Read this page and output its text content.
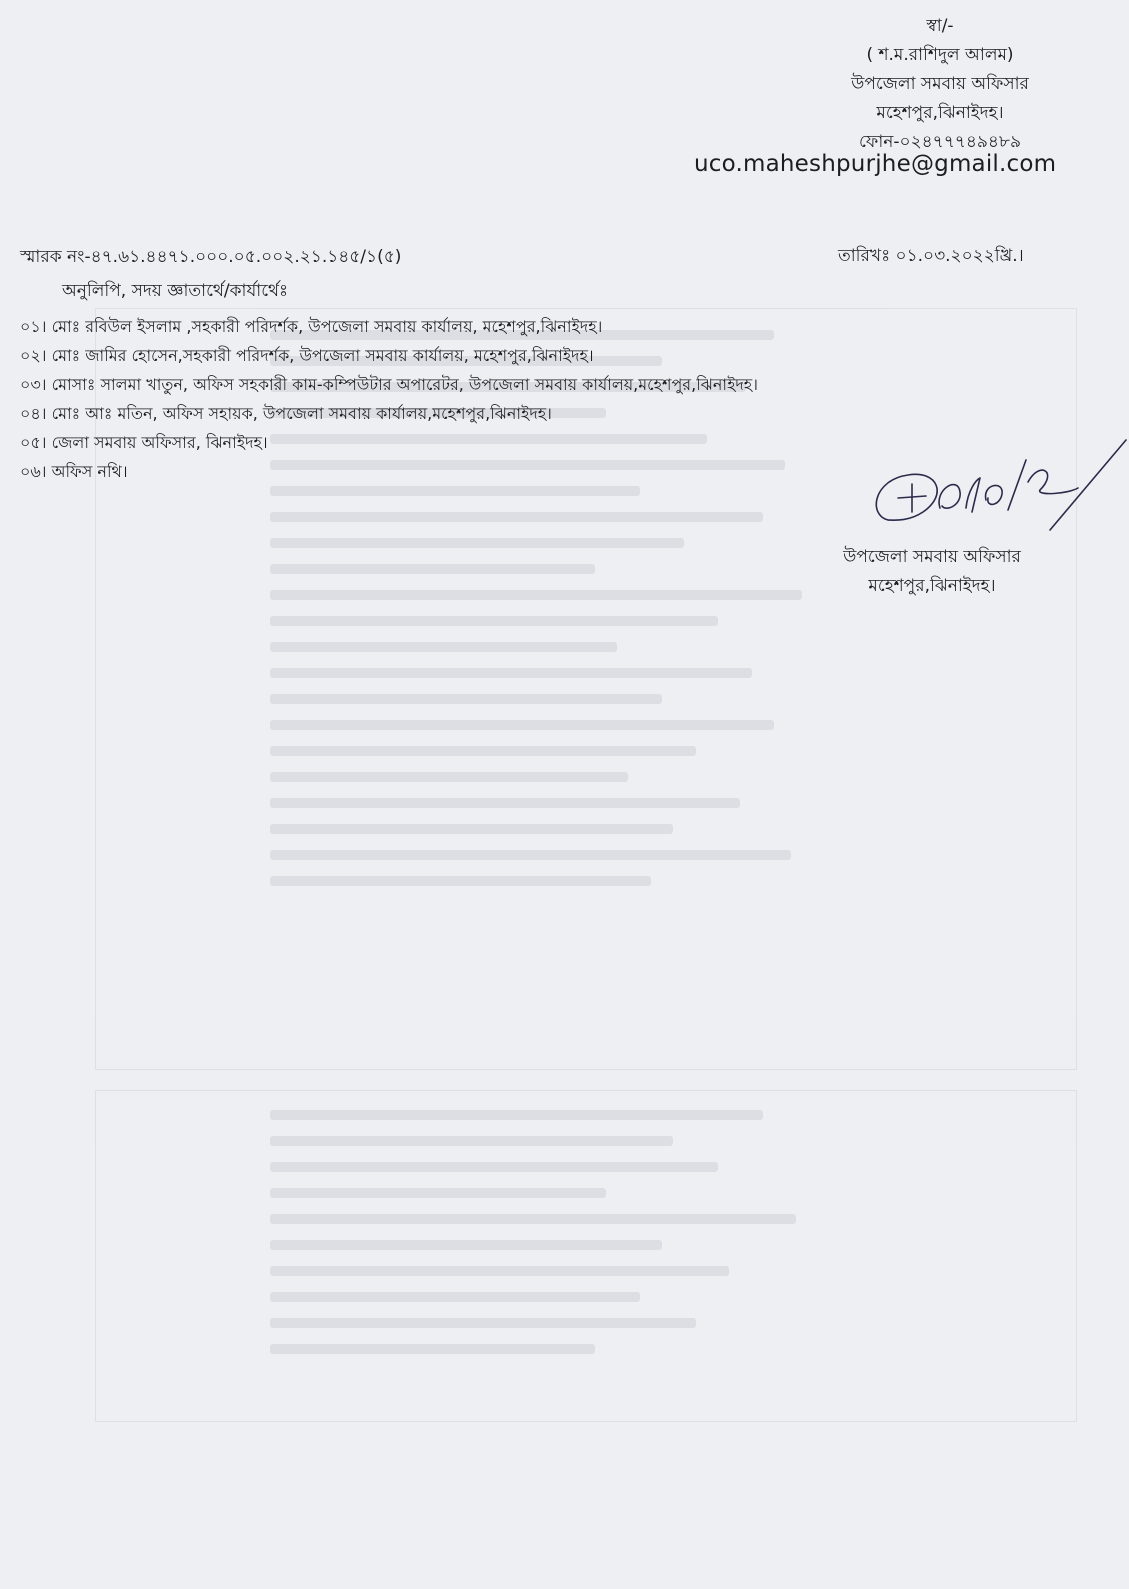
স্বা/-
( শ.ম.রাশিদুল আলম)
উপজেলা সমবায় অফিসার
মহেশপুর,ঝিনাইদহ।
ফোন-০২৪৭৭৭৪৯৪৮৯
uco.maheshpurjhe@gmail.com
স্মারক নং-৪৭.৬১.৪৪৭১.০০০.০৫.০০২.২১.১৪৫/১(৫)	তারিখঃ ০১.০৩.২০২২খ্রি.।
অনুলিপি, সদয় জ্ঞাতার্থে/কার্যার্থেঃ
০১। মোঃ রবিউল ইসলাম ,সহকারী পরিদর্শক, উপজেলা সমবায় কার্যালয়, মহেশপুর,ঝিনাইদহ।
০২। মোঃ জামির হোসেন,সহকারী পরিদর্শক, উপজেলা সমবায় কার্যালয়, মহেশপুর,ঝিনাইদহ।
০৩। মোসাঃ সালমা খাতুন, অফিস সহকারী কাম-কম্পিউটার অপারেটর, উপজেলা সমবায় কার্যালয়,মহেশপুর,ঝিনাইদহ।
০৪। মোঃ আঃ মতিন, অফিস সহায়ক, উপজেলা সমবায় কার্যালয়,মহেশপুর,ঝিনাইদহ।
০৫। জেলা সমবায় অফিসার, ঝিনাইদহ।
০৬। অফিস নথি।
উপজেলা সমবায় অফিসার
মহেশপুর,ঝিনাইদহ।
